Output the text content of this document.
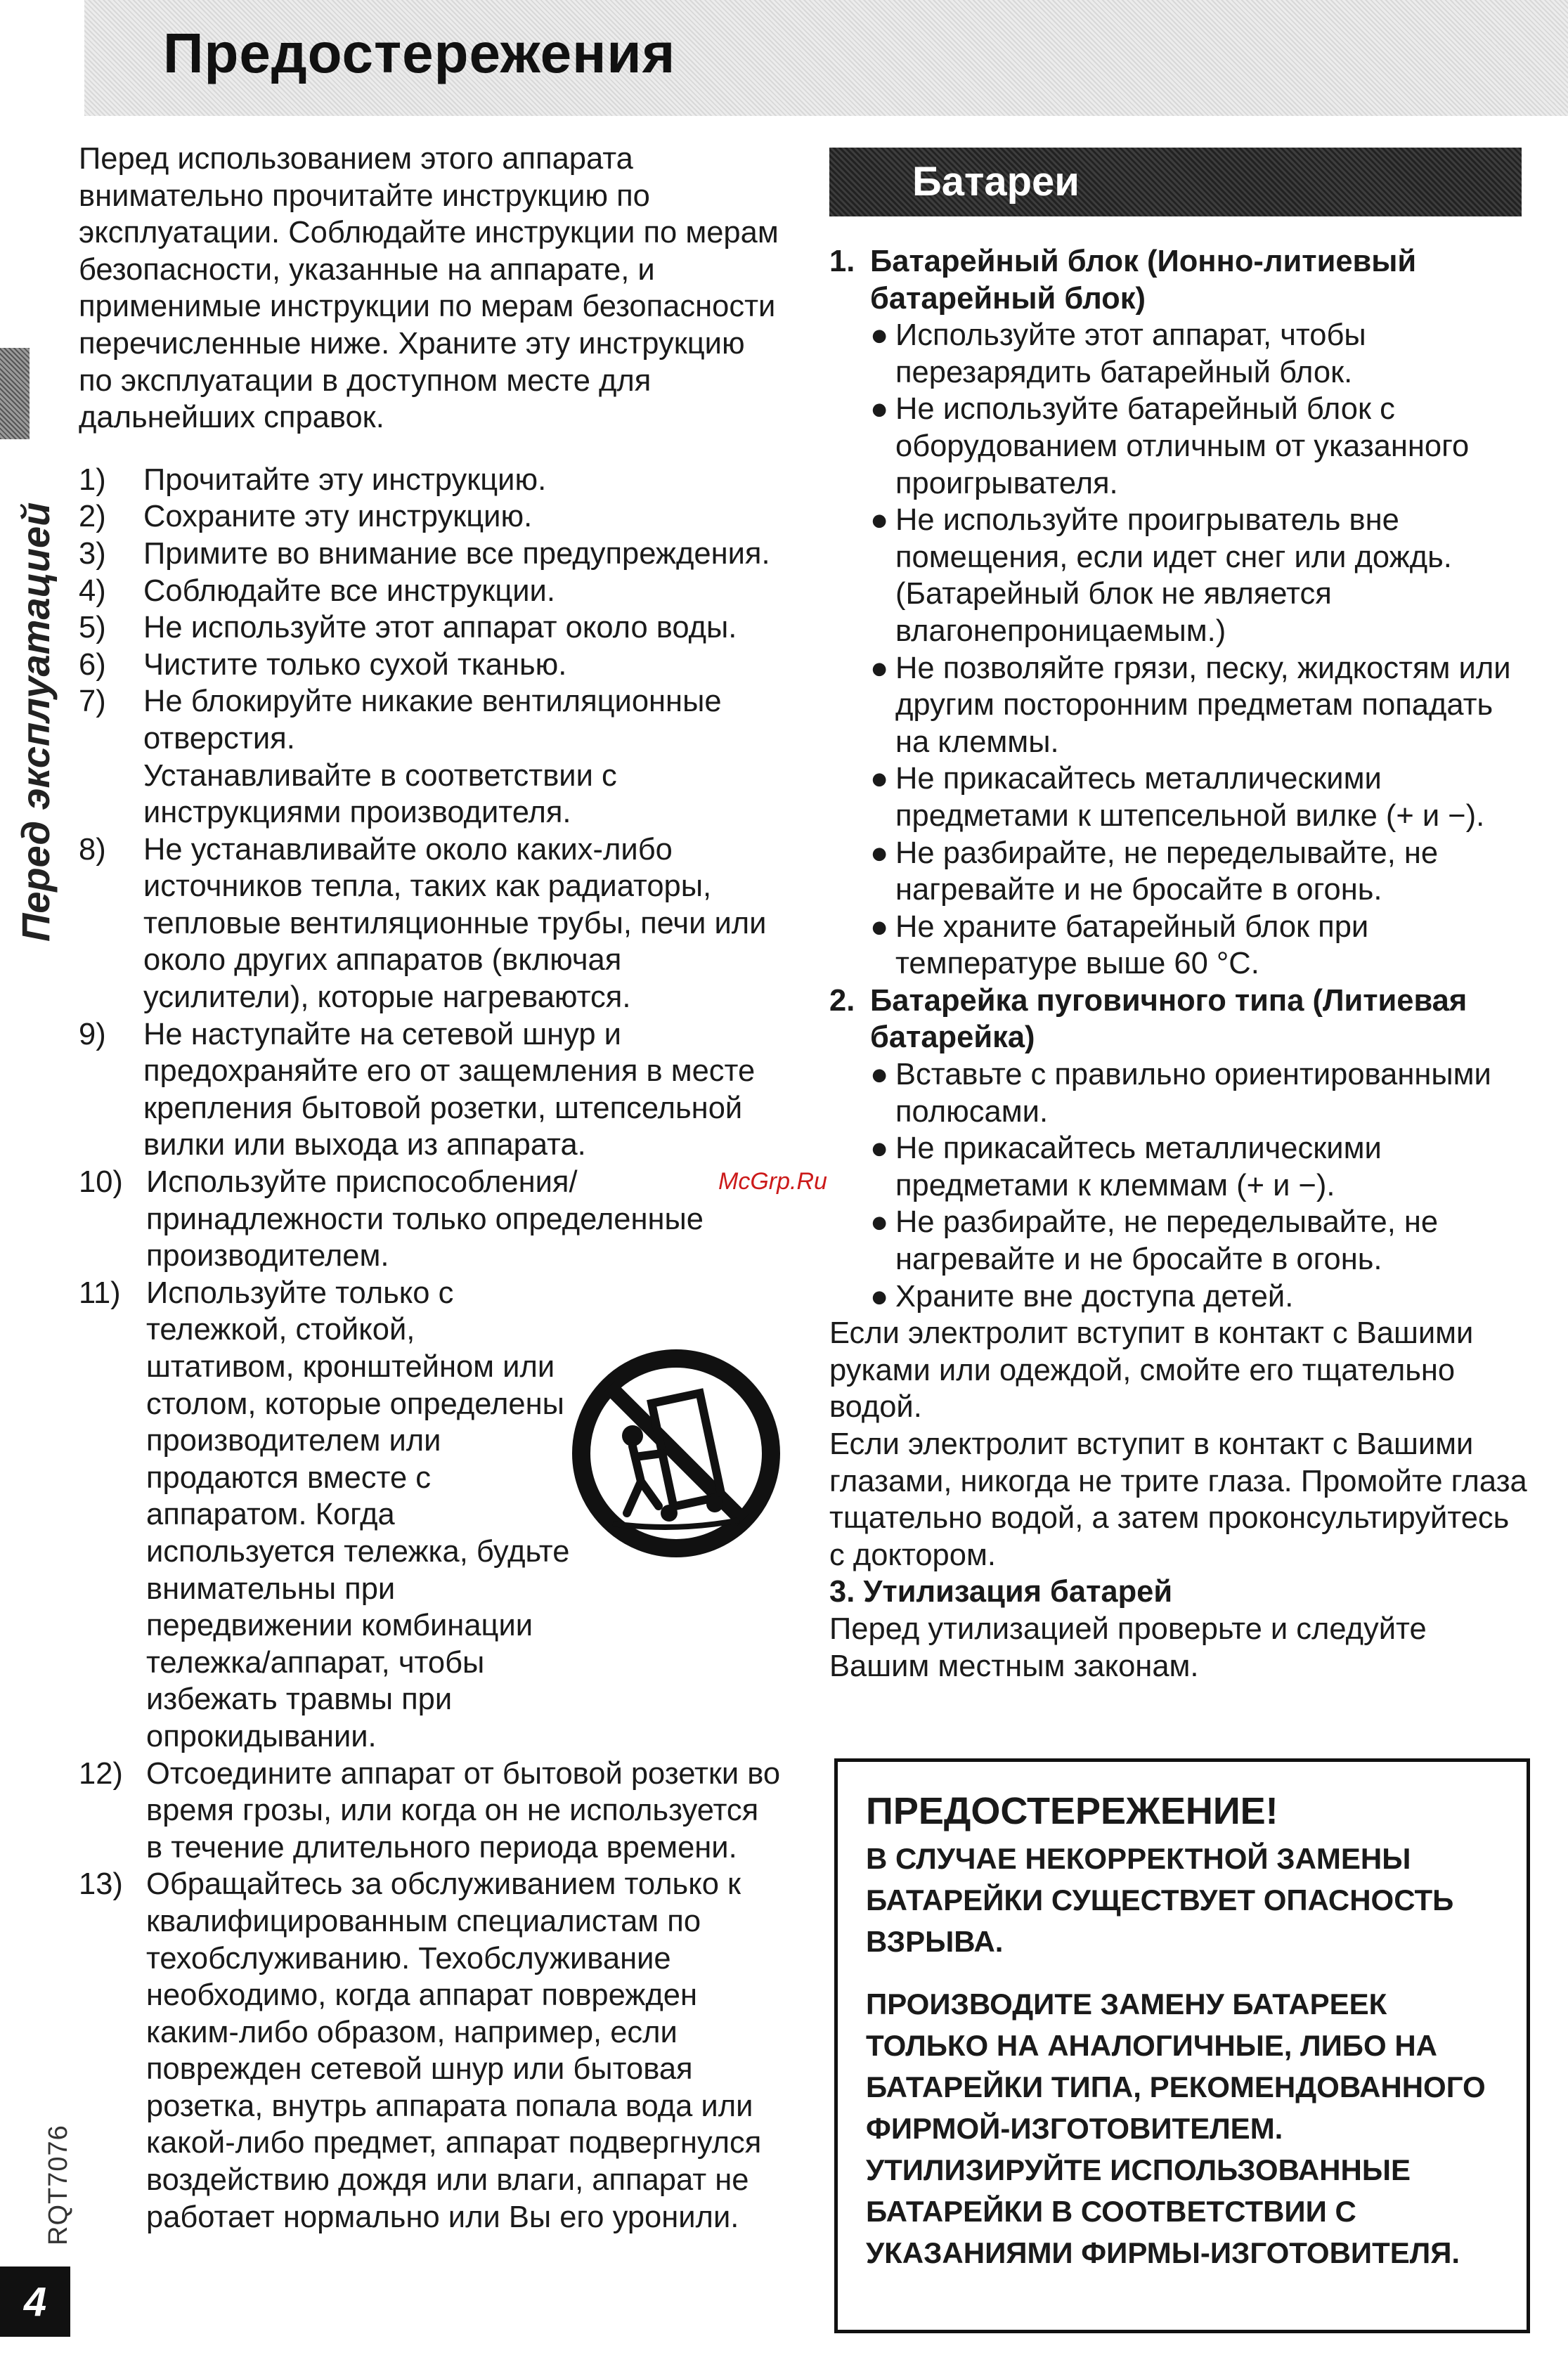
Предостережения
Перед эксплуатацией
RQT7076
4

Перед использованием этого аппарата внимательно прочитайте инструкцию по эксплуатации. Соблюдайте инструкции по мерам безопасности, указанные на аппарате, и применимые инструкции по мерам безопасности перечисленные ниже. Храните эту инструкцию по эксплуатации в доступном месте для дальнейших справок.

1)	Прочитайте эту инструкцию.
2)	Сохраните эту инструкцию.
3)	Примите во внимание все предупреждения.
4)	Соблюдайте все инструкции.
5)	Не используйте этот аппарат около воды.
6)	Чистите только сухой тканью.
7)	Не блокируйте никакие вентиляционные отверстия.
Устанавливайте в соответствии с инструкциями производителя.
8)	Не устанавливайте около каких-либо источников тепла, таких как радиаторы, тепловые вентиляционные трубы, печи или около других аппаратов (включая усилители), которые нагреваются.
9)	Не наступайте на сетевой шнур и предохраняйте его от защемления в месте крепления бытовой розетки, штепсельной вилки или выхода из аппарата.
10) Используйте приспособления/ принадлежности только определенные производителем.
11) Используйте только с тележкой, стойкой, штативом, кронштейном или столом, которые определены производителем или продаются вместе с аппаратом. Когда используется тележка, будьте внимательны при передвижении комбинации тележка/аппарат, чтобы избежать травмы при опрокидывании.
12) Отсоедините аппарат от бытовой розетки во время грозы, или когда он не используется в течение длительного периода времени.
13) Обращайтесь за обслуживанием только к квалифицированным специалистам по техобслуживанию. Техобслуживание необходимо, когда аппарат поврежден каким-либо образом, например, если поврежден сетевой шнур или бытовая розетка, внутрь аппарата попала вода или какой-либо предмет, аппарат подвергнулся воздействию дождя или влаги, аппарат не работает нормально или Вы его уронили.
McGrp.Ru
Батареи
1. Батарейный блок (Ионно-литиевый батарейный блок)
● Используйте этот аппарат, чтобы перезарядить батарейный блок.
● Не используйте батарейный блок с оборудованием отличным от указанного проигрывателя.
● Не используйте проигрыватель вне помещения, если идет снег или дождь. (Батарейный блок не является влагонепроницаемым.)
● Не позволяйте грязи, песку, жидкостям или другим посторонним предметам попадать на клеммы.
● Не прикасайтесь металлическими предметами к штепсельной вилке (+ и −).
● Не разбирайте, не переделывайте, не нагревайте и не бросайте в огонь.
● Не храните батарейный блок при температуре выше 60 °C.
2. Батарейка пуговичного типа (Литиевая батарейка)
● Вставьте с правильно ориентированными полюсами.
● Не прикасайтесь металлическими предметами к клеммам (+ и −).
● Не разбирайте, не переделывайте, не нагревайте и не бросайте в огонь.
● Храните вне доступа детей.

Если электролит вступит в контакт с Вашими руками или одеждой, смойте его тщательно водой.

Если электролит вступит в контакт с Вашими глазами, никогда не трите глаза. Промойте глаза тщательно водой, а затем проконсультируйтесь с доктором.

3. Утилизация батарей

Перед утилизацией проверьте и следуйте Вашим местным законам.

ПРЕДОСТЕРЕЖЕНИЕ!

В СЛУЧАЕ НЕКОРРЕКТНОЙ ЗАМЕНЫ БАТАРЕЙКИ СУЩЕСТВУЕТ ОПАСНОСТЬ ВЗРЫВА.

ПРОИЗВОДИТЕ ЗАМЕНУ БАТАРЕЕК ТОЛЬКО НА АНАЛОГИЧНЫЕ, ЛИБО НА БАТАРЕЙКИ ТИПА, РЕКОМЕНДОВАННОГО ФИРМОЙ-ИЗГОТОВИТЕЛЕМ. УТИЛИЗИРУЙТЕ ИСПОЛЬЗОВАННЫЕ БАТАРЕЙКИ В СООТВЕТСТВИИ С УКАЗАНИЯМИ ФИРМЫ-ИЗГОТОВИТЕЛЯ.
